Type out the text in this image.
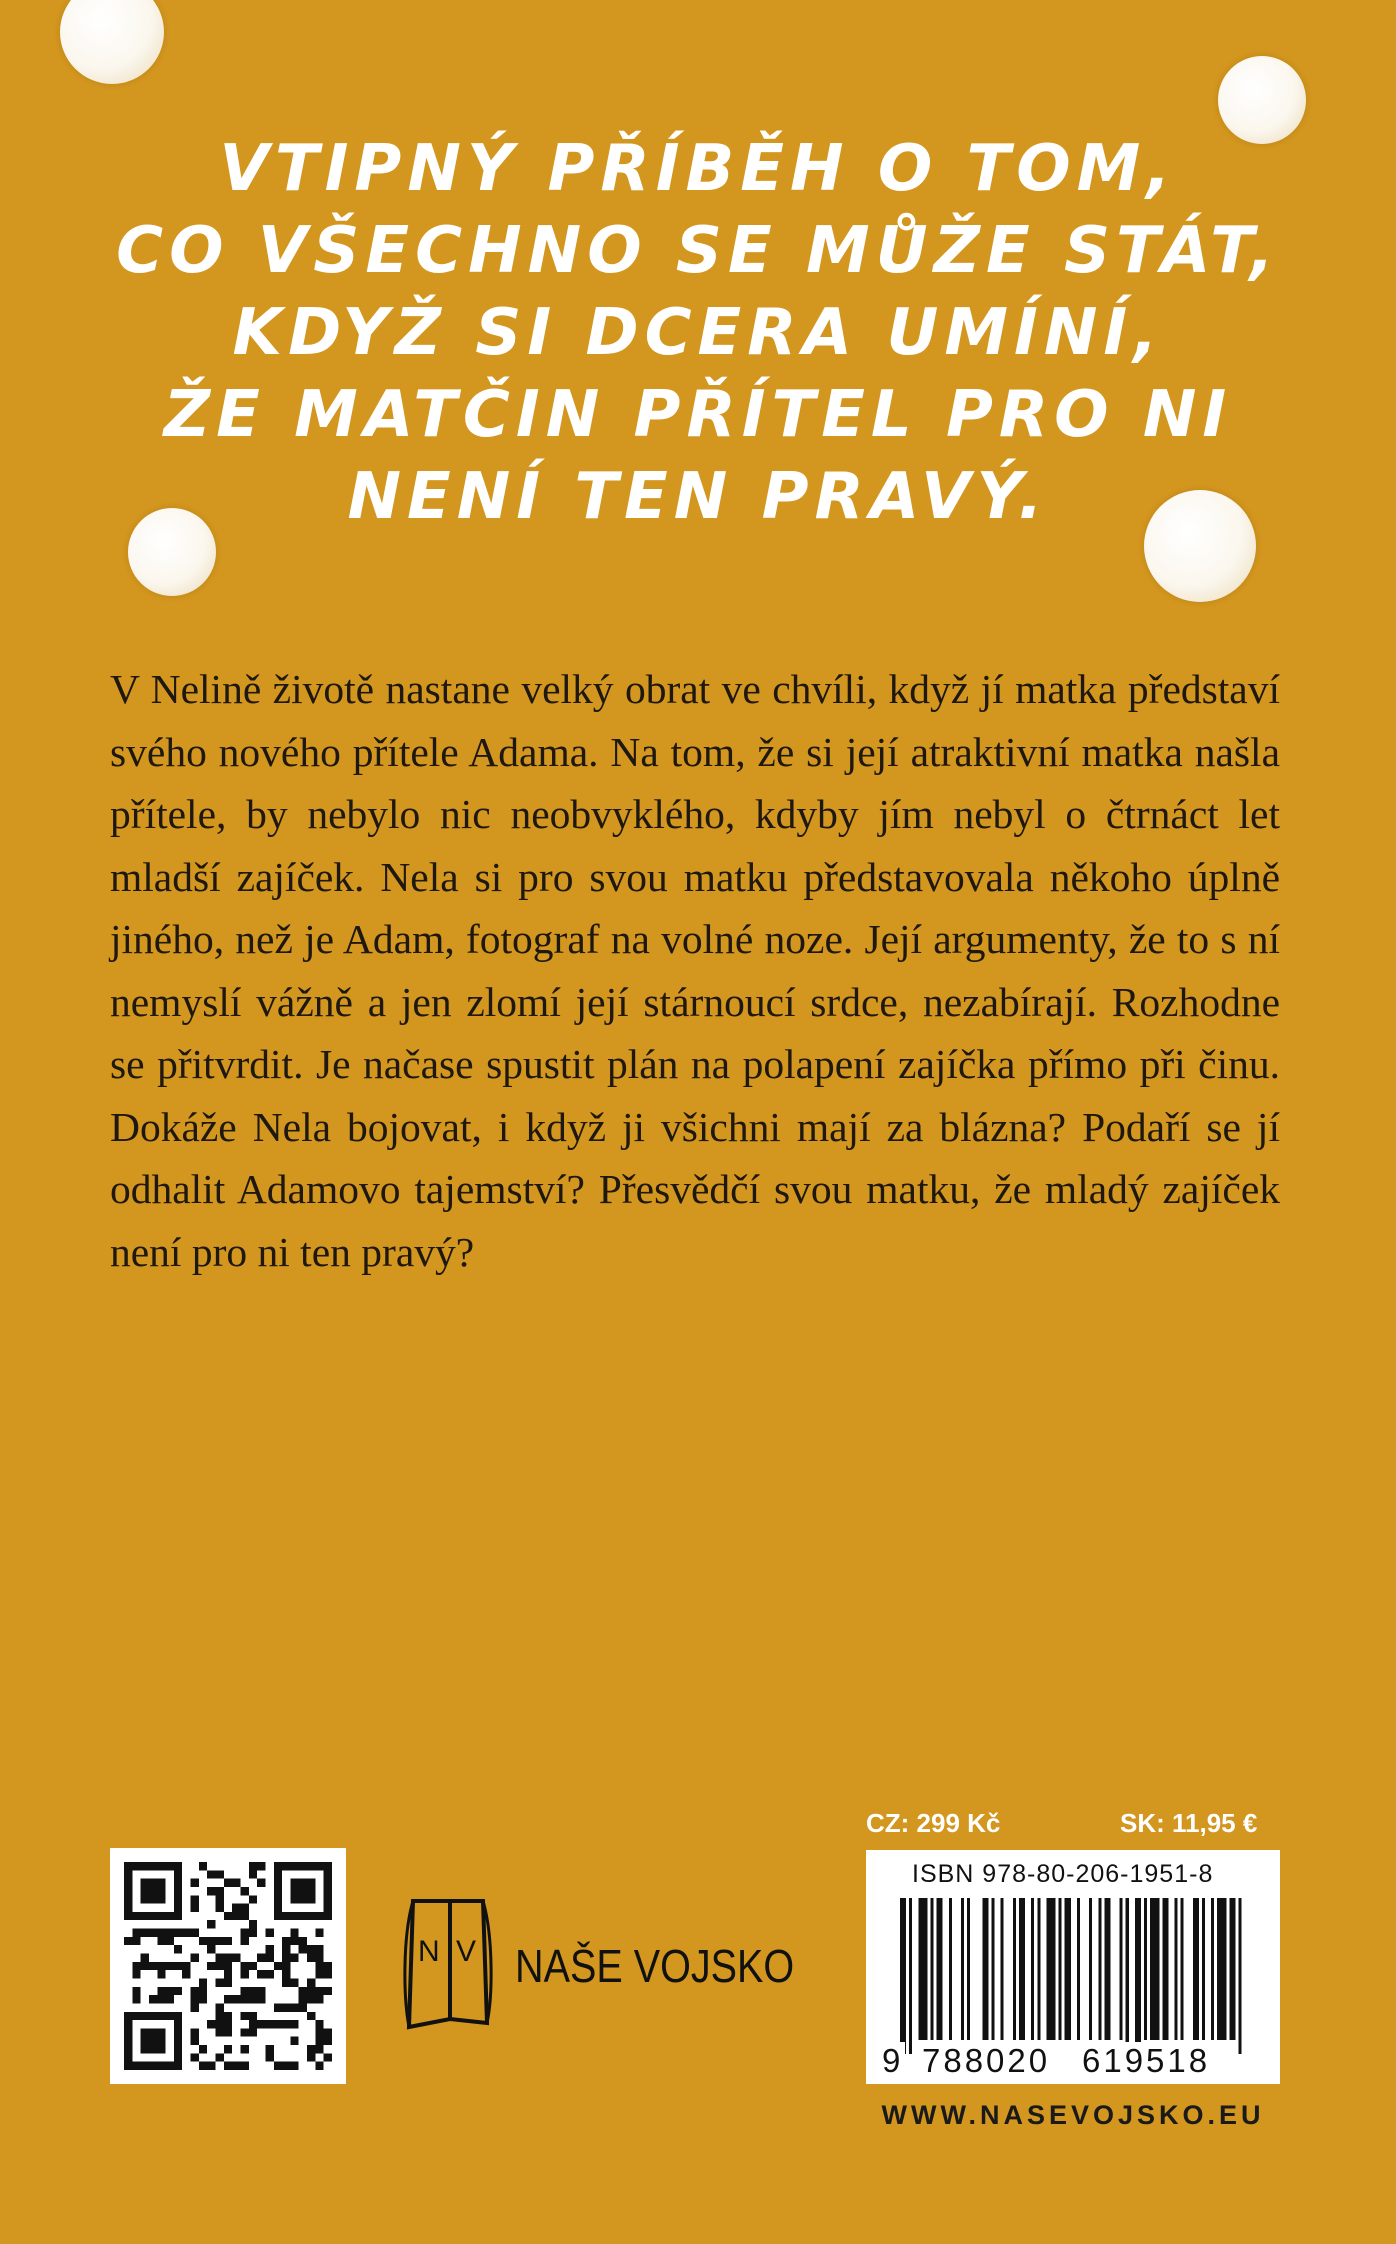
VTIPNÝ PŘÍBĚH O TOM,
CO VŠECHNO SE MŮŽE STÁT,
KDYŽ SI DCERA UMÍNÍ,
ŽE MATČIN PŘÍTEL PRO NI
NENÍ TEN PRAVÝ.

V Nelině životě nastane velký obrat ve chvíli, když jí matka představí svého nového přítele Adama. Na tom, že si její atraktivní matka našla přítele, by nebylo nic neobvyklého, kdyby jím nebyl o čtrnáct let mladší zajíček. Nela si pro svou matku představovala někoho úplně jiného, než je Adam, fotograf na volné noze. Její argumenty, že to s ní nemyslí vážně a jen zlomí její stárnoucí srdce, nezabírají. Rozhodne se přitvrdit. Je načase spustit plán na polapení zajíčka přímo při činu. Dokáže Nela bojovat, i když ji všichni mají za blázna? Podaří se jí odhalit Adamovo tajemství? Přesvědčí svou matku, že mladý zajíček není pro ni ten pravý?

N V NAŠE VOJSKO
CZ: 299 Kč	SK: 11,95 €
ISBN 978-80-206-1951-8
9 788020 619518
WWW.NASEVOJSKO.EU
